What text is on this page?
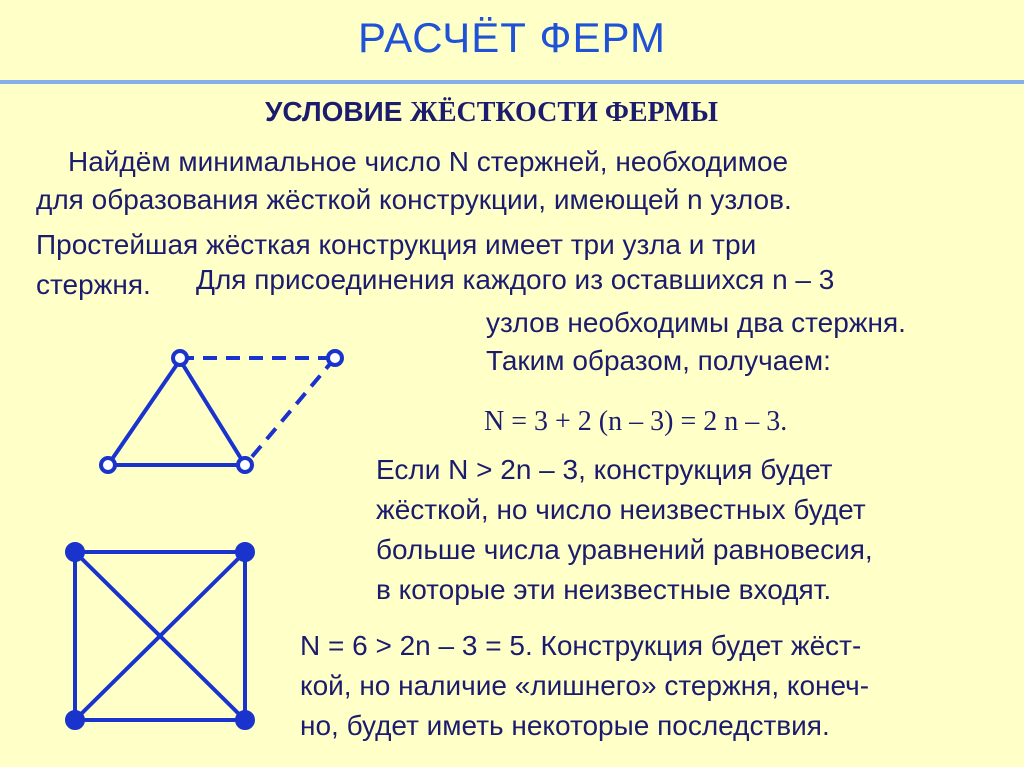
РАСЧЁТ ФЕРМ
УСЛОВИЕ ЖЁСТКОСТИ ФЕРМЫ
Найдём минимальное число N стержней, необходимое
для образования жёсткой конструкции, имеющей n узлов.
Простейшая жёсткая конструкция имеет три узла и три
стержня. Для присоединения каждого из оставшихся n – 3
узлов необходимы два стержня.
Таким образом, получаем:
N = 3 + 2 (n – 3) = 2 n – 3.
Если N > 2n – 3, конструкция будет
жёсткой, но число неизвестных будет
больше числа уравнений равновесия,
в которые эти неизвестные входят.
N = 6 > 2n – 3 = 5. Конструкция будет жёст-
кой, но наличие «лишнего» стержня, конеч-
но, будет иметь некоторые последствия.
